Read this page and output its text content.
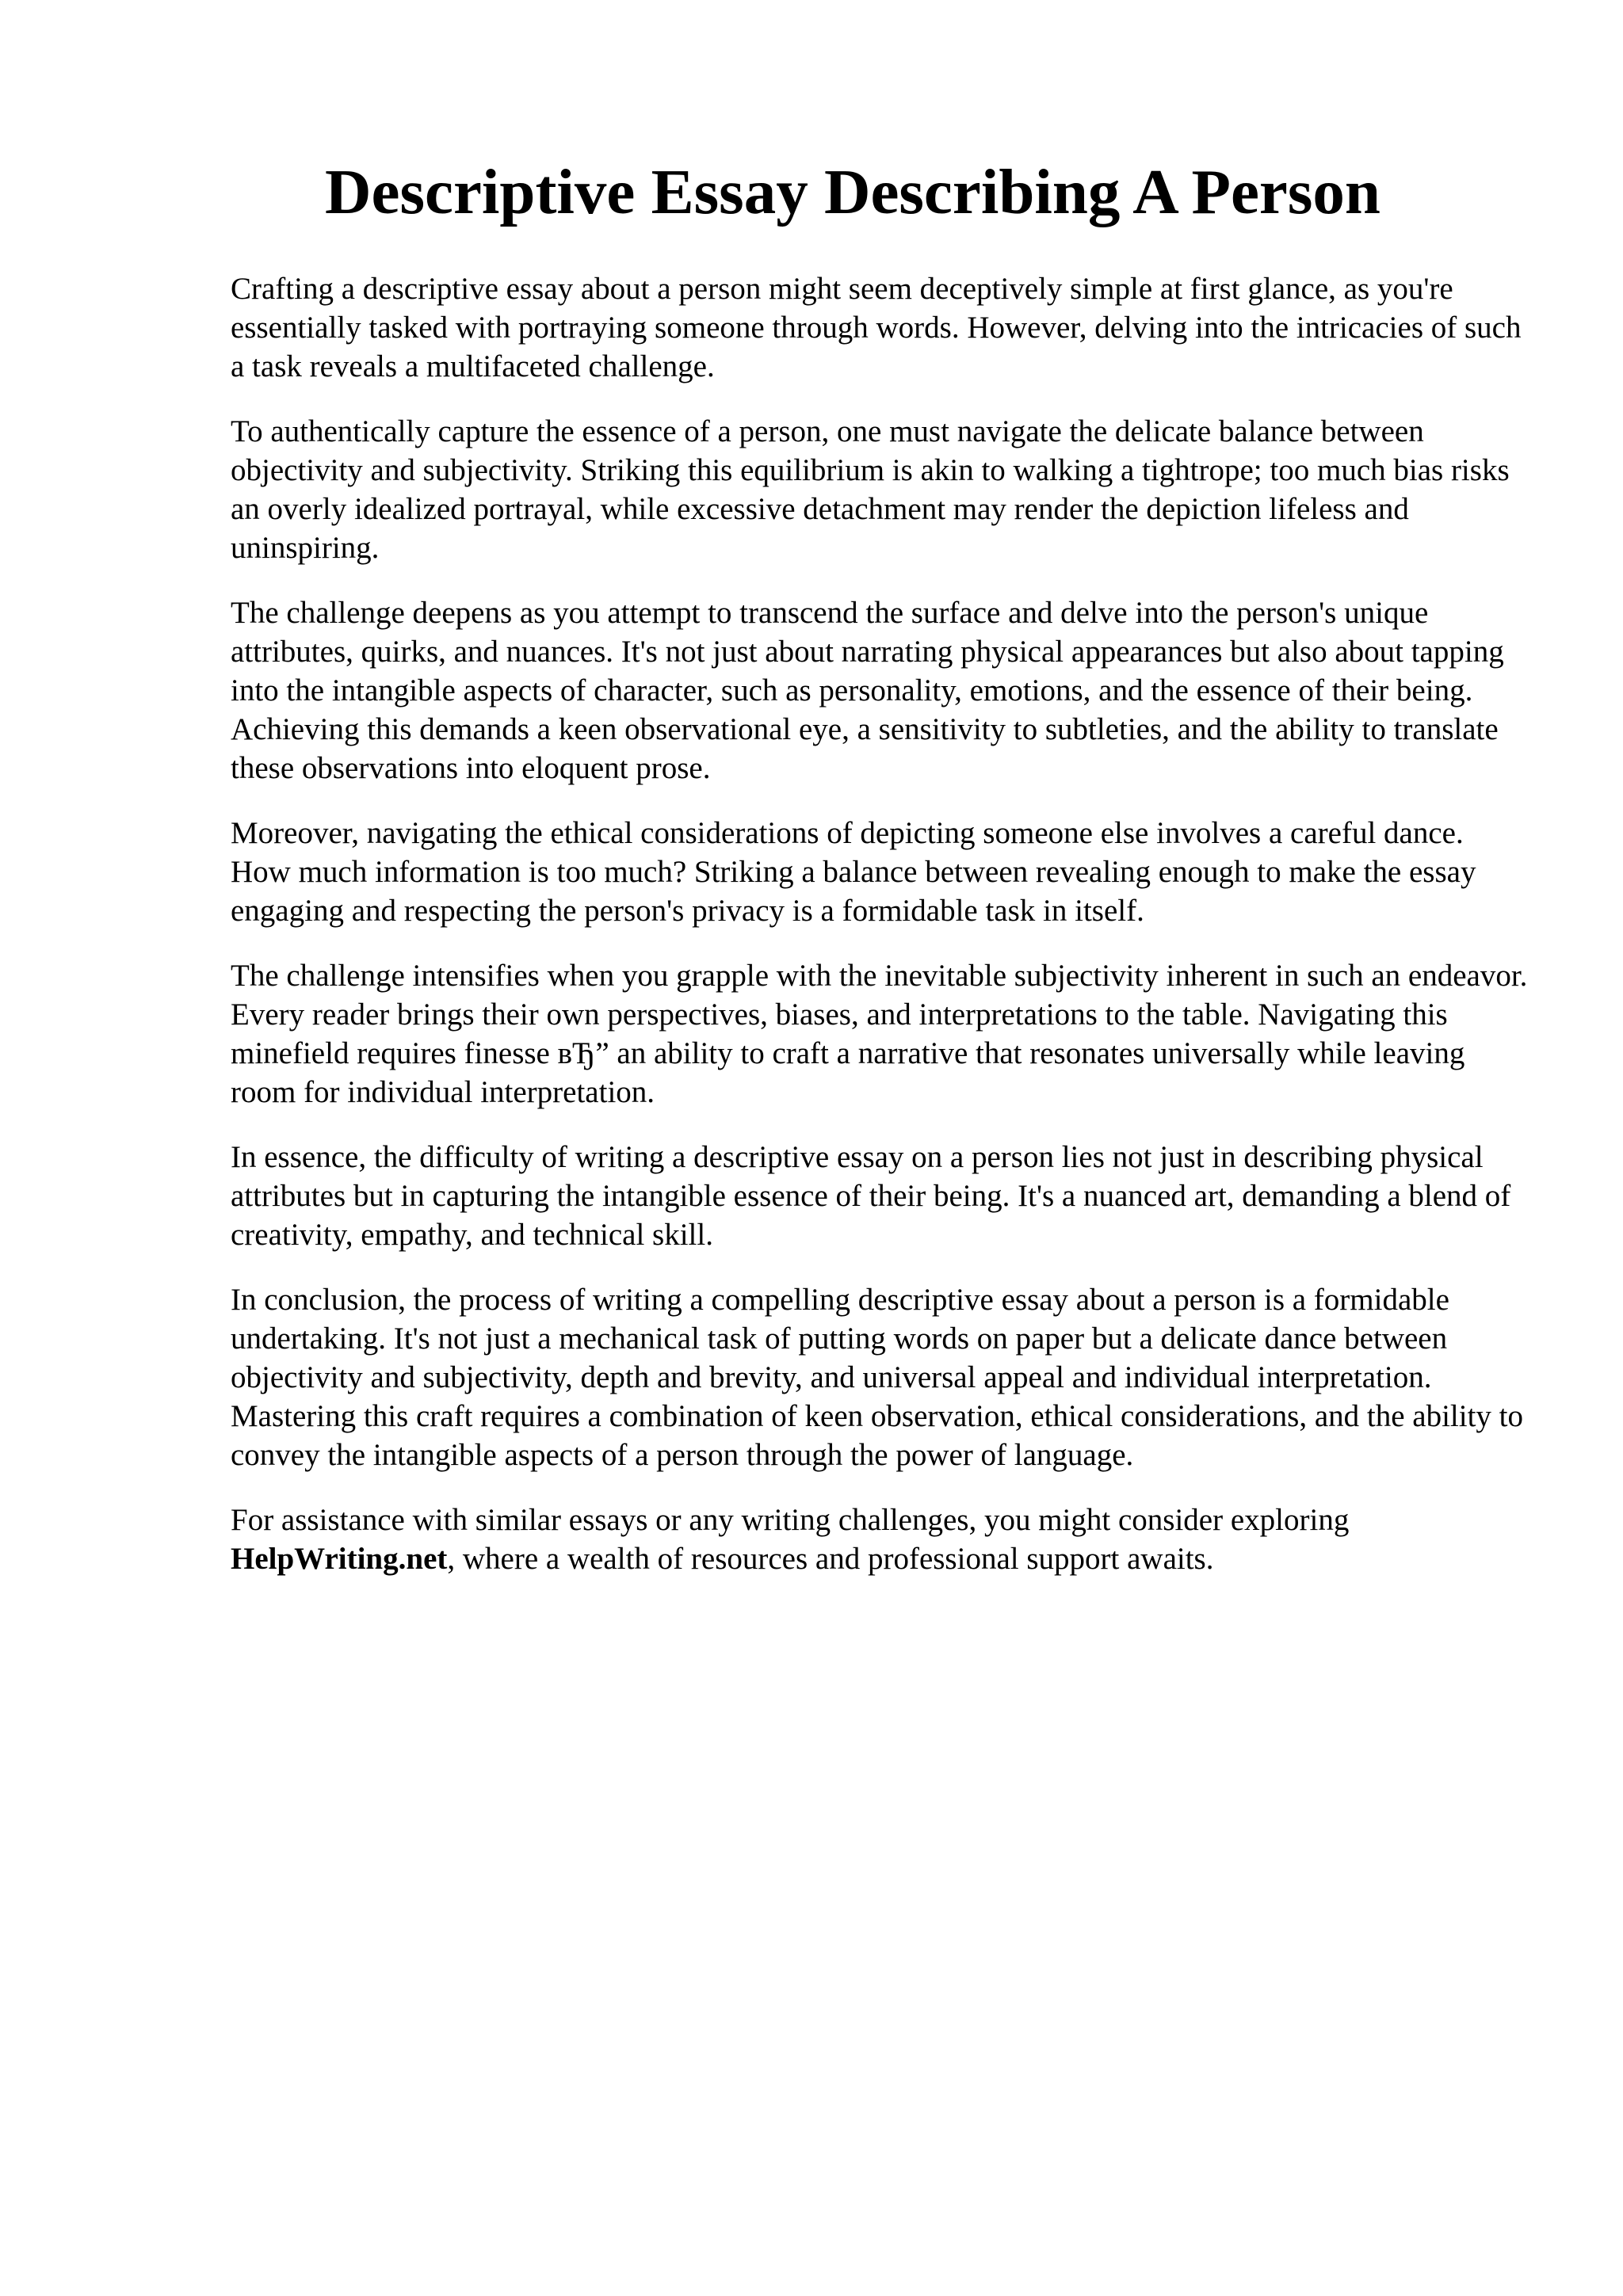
Descriptive Essay Describing A Person

Crafting a descriptive essay about a person might seem deceptively simple at first glance, as you're essentially tasked with portraying someone through words. However, delving into the intricacies of such a task reveals a multifaceted challenge.

To authentically capture the essence of a person, one must navigate the delicate balance between objectivity and subjectivity. Striking this equilibrium is akin to walking a tightrope; too much bias risks an overly idealized portrayal, while excessive detachment may render the depiction lifeless and uninspiring.

The challenge deepens as you attempt to transcend the surface and delve into the person's unique attributes, quirks, and nuances. It's not just about narrating physical appearances but also about tapping into the intangible aspects of character, such as personality, emotions, and the essence of their being. Achieving this demands a keen observational eye, a sensitivity to subtleties, and the ability to translate these observations into eloquent prose.

Moreover, navigating the ethical considerations of depicting someone else involves a careful dance. How much information is too much? Striking a balance between revealing enough to make the essay engaging and respecting the person's privacy is a formidable task in itself.

The challenge intensifies when you grapple with the inevitable subjectivity inherent in such an endeavor. Every reader brings their own perspectives, biases, and interpretations to the table. Navigating this minefield requires finesse вЂ” an ability to craft a narrative that resonates universally while leaving room for individual interpretation.

In essence, the difficulty of writing a descriptive essay on a person lies not just in describing physical attributes but in capturing the intangible essence of their being. It's a nuanced art, demanding a blend of creativity, empathy, and technical skill.

In conclusion, the process of writing a compelling descriptive essay about a person is a formidable undertaking. It's not just a mechanical task of putting words on paper but a delicate dance between objectivity and subjectivity, depth and brevity, and universal appeal and individual interpretation. Mastering this craft requires a combination of keen observation, ethical considerations, and the ability to convey the intangible aspects of a person through the power of language.

For assistance with similar essays or any writing challenges, you might consider exploring HelpWriting.net, where a wealth of resources and professional support awaits.
